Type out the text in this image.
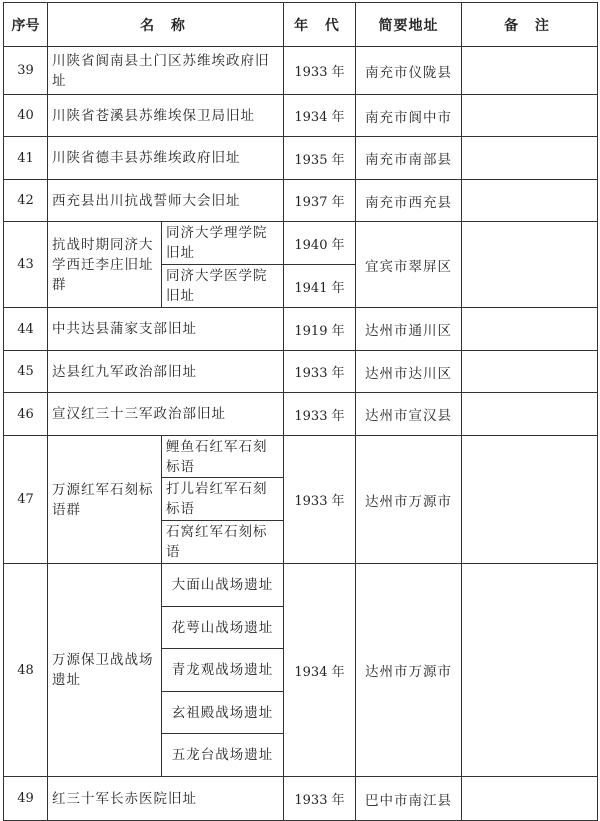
序号	名 称		年 代	简要地址	备 注
39	川陕省阆南县土门区苏维埃政府旧址		1933 年	南充市仪陇县	
40	川陕省苍溪县苏维埃保卫局旧址		1934 年	南充市阆中市	
41	川陕省德丰县苏维埃政府旧址		1935 年	南充市南部县	
42	西充县出川抗战誓师大会旧址		1937 年	南充市西充县	
43	抗战时期同济大学西迁李庄旧址群	同济大学理学院旧址	1940 年	宜宾市翠屏区	
		同济大学医学院旧址	1941 年		
44	中共达县蒲家支部旧址		1919 年	达州市通川区	
45	达县红九军政治部旧址		1933 年	达州市达川区	
46	宣汉红三十三军政治部旧址		1933 年	达州市宣汉县	
47	万源红军石刻标语群	鲤鱼石红军石刻标语	1933 年	达州市万源市	
		打儿岩红军石刻标语			
		石窝红军石刻标语			
48	万源保卫战战场遗址	大面山战场遗址	1934 年	达州市万源市	
		花萼山战场遗址			
		青龙观战场遗址			
		玄祖殿战场遗址			
		五龙台战场遗址			
49	红三十军长赤医院旧址		1933 年	巴中市南江县	
